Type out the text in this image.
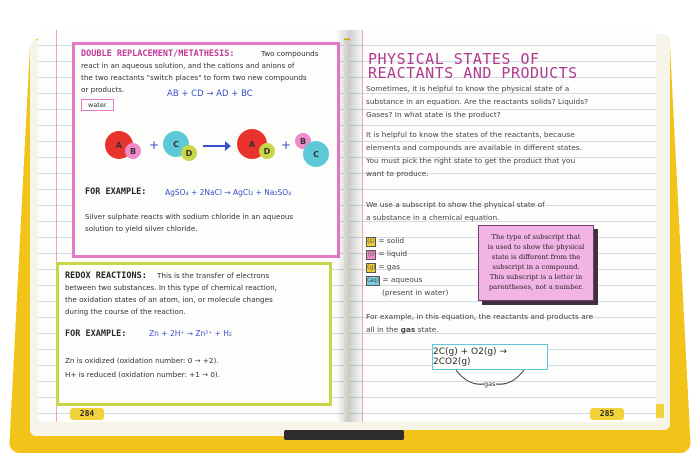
DOUBLE REPLACEMENT/METATHESIS:	Two compounds
react in an aqueous solution, and the cations and anions of
the two reactants "switch places" to form two new compounds
or products.
water
AB + CD → AD + BC
A
B	+	C
D
→	A
D +	B
C
FOR EXAMPLE: AgSO₄ + 2NaCl → AgCl₂ + Na₂SO₄
Silver sulphate reacts with sodium chloride in an aqueous
solution to yield silver chloride.
REDOX REACTIONS: This is the transfer of electrons
between two substances. In this type of chemical reaction,
the oxidation states of an atom, ion, or molecule changes
during the course of the reaction.
FOR EXAMPLE:	Zn + 2H⁺ → Zn²⁺ + H₂
Zn is oxidized (oxidation number: 0 → +2).
H+ is reduced (oxidation number: +1 → 0).
284
PHYSICAL STATES OF
REACTANTS AND PRODUCTS
Sometimes, it is helpful to know the physical state of a
substance in an equation. Are the reactants solids? Liquids?
Gases? In what state is the product?
It is helpful to know the states of the reactants, because
elements and compounds are available in different states.
You must pick the right state to get the product that you
want to produce.
We use a subscript to show the physical state of
a substance in a chemical equation.
(s) = solid
(l) = liquid
(g) = gas
(aq) = aqueous
(present in water)
The type of subscript that
is used to show the physical
state is different from the
subscript in a compound.
This subscript is a letter in
parentheses, not a number.
For example, in this equation, the reactants and products are
all in the gas state.
2C(g) + O2(g) → 2CO2(g)
gas
285
